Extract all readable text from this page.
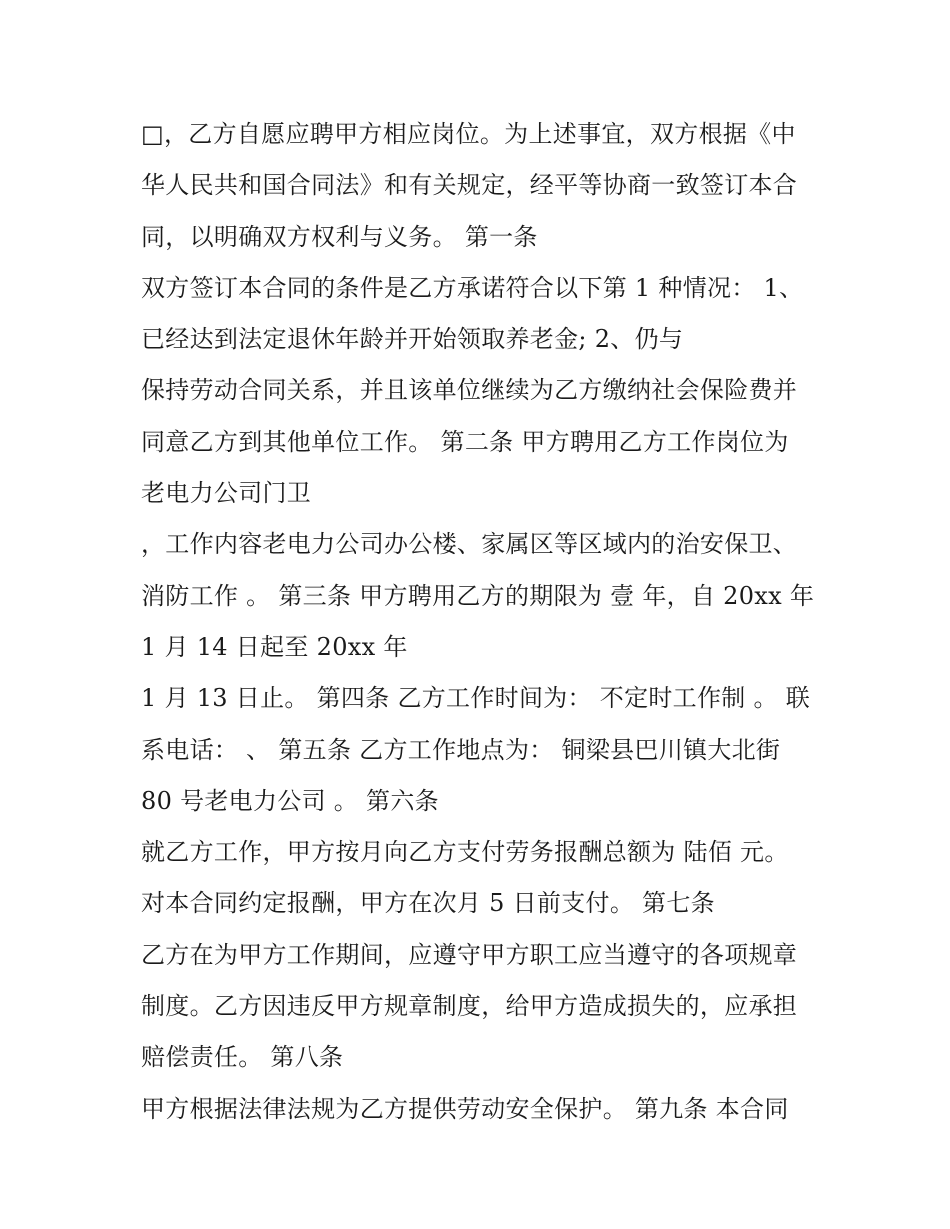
□，乙方自愿应聘甲方相应岗位。为上述事宜，双方根据《中
华人民共和国合同法》和有关规定，经平等协商一致签订本合
同，以明确双方权利与义务。 第一条
双方签订本合同的条件是乙方承诺符合以下第 1 种情况： 1、
已经达到法定退休年龄并开始领取养老金; 2、仍与
保持劳动合同关系，并且该单位继续为乙方缴纳社会保险费并
同意乙方到其他单位工作。 第二条 甲方聘用乙方工作岗位为
老电力公司门卫
，工作内容老电力公司办公楼、家属区等区域内的治安保卫、
消防工作 。 第三条 甲方聘用乙方的期限为 壹 年，自 20xx 年
1 月 14 日起至 20xx 年
1 月 13 日止。 第四条 乙方工作时间为： 不定时工作制 。 联
系电话： 、 第五条 乙方工作地点为： 铜梁县巴川镇大北街
80 号老电力公司 。 第六条
就乙方工作，甲方按月向乙方支付劳务报酬总额为 陆佰 元。
对本合同约定报酬，甲方在次月 5 日前支付。 第七条
乙方在为甲方工作期间，应遵守甲方职工应当遵守的各项规章
制度。乙方因违反甲方规章制度，给甲方造成损失的，应承担
赔偿责任。 第八条
甲方根据法律法规为乙方提供劳动安全保护。 第九条 本合同
